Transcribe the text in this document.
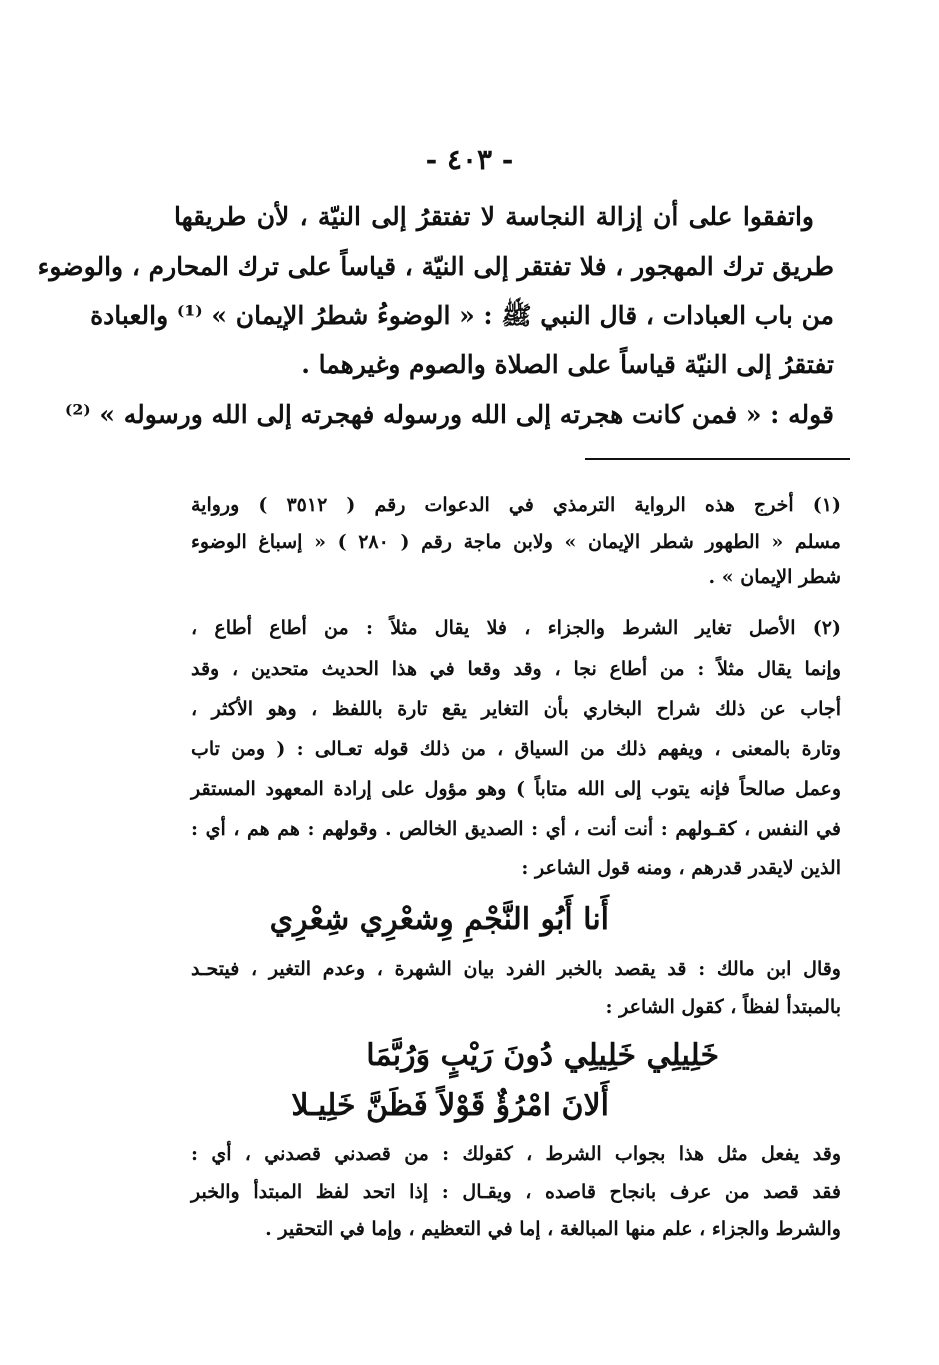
- ٤٠٣ -
واتفقوا على أن إزالة النجاسة لا تفتقرُ إلى النيّة ، لأن طريقها
طريق ترك المهجور ، فلا تفتقر إلى النيّة ، قياساً على ترك المحارم ، والوضوء
من باب العبادات ، قال النبي ﷺ : « الوضوءُ شطرُ الإيمان » ⁽¹⁾ والعبادة
تفتقرُ إلى النيّة قياساً على الصلاة والصوم وغيرهما .
قوله : « فمن كانت هجرته إلى الله ورسوله فهجرته إلى الله ورسوله » ⁽²⁾
(١) أخرج هذه الرواية الترمذي في الدعوات رقم ( ٣٥١٢ ) ورواية
مسلم « الطهور شطر الإيمان » ولابن ماجة رقم ( ٢٨٠ ) « إسباغ الوضوء
شطر الإيمان » .
(٢) الأصل تغاير الشرط والجزاء ، فلا يقال مثلاً : من أطاع أطاع ،
وإنما يقال مثلاً : من أطاع نجا ، وقد وقعا في هذا الحديث متحدين ، وقد
أجاب عن ذلك شراح البخاري بأن التغاير يقع تارة باللفظ ، وهو الأكثر ،
وتارة بالمعنى ، ويفهم ذلك من السياق ، من ذلك قوله تعـالى : ( ومن تاب
وعمل صالحاً فإنه يتوب إلى الله متاباً ) وهو مؤول على إرادة المعهود المستقر
في النفس ، كقـولهم : أنت أنت ، أي : الصديق الخالص . وقولهم : هم هم ، أي :
الذين لايقدر قدرهم ، ومنه قول الشاعر :
أَنا أَبُو النَّجْمِ وِشعْرِي شِعْرِي
وقال ابن مالك : قد يقصد بالخبر الفرد بيان الشهرة ، وعدم التغير ، فيتحـد
بالمبتدأ لفظاً ، كقول الشاعر :
خَلِيلِي خَلِيلِي دُونَ رَيْبٍ وَرُبَّمَا
أَلانَ امْرُؤٌ قَوْلاً فَظَنَّ خَلِيـلا
وقد يفعل مثل هذا بجواب الشرط ، كقولك : من قصدني قصدني ، أي :
فقد قصد من عرف بانجاح قاصده ، ويقـال : إذا اتحد لفظ المبتدأ والخبر
والشرط والجزاء ، علم منها المبالغة ، إما في التعظيم ، وإما في التحقير .
